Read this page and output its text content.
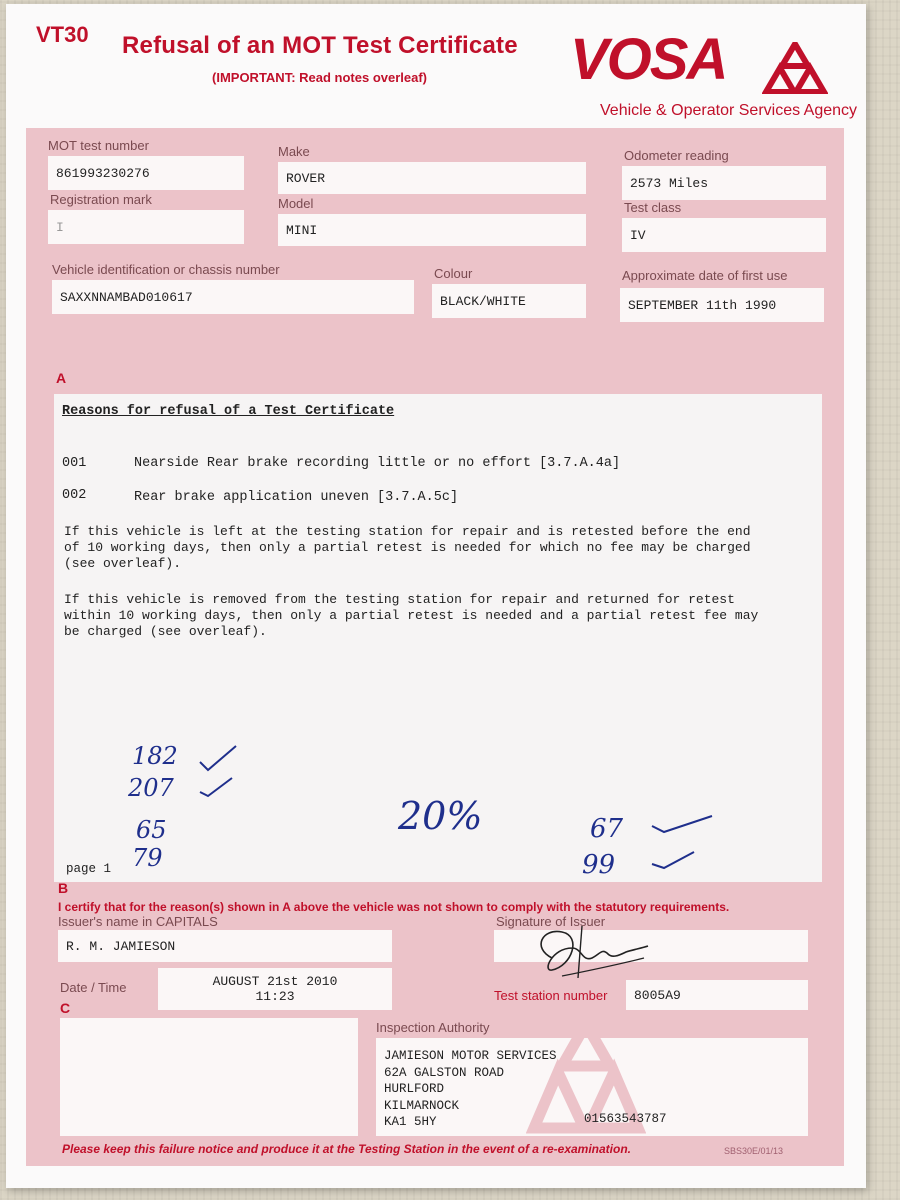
VT30 Refusal of an MOT Test Certificate
(IMPORTANT: Read notes overleaf) VOSA
Vehicle & Operator Services Agency
MOT test number
861993230276
Make
ROVER
Odometer reading
2573 Miles
Registration mark
I
Model
MINI
Test class
IV
Vehicle identification or chassis number
SAXXNNAMBAD010617
Colour
BLACK/WHITE
Approximate date of first use
SEPTEMBER 11th 1990
A
Reasons for refusal of a Test Certificate
001	Nearside Rear brake recording little or no effort [3.7.A.4a]
002	Rear brake application uneven [3.7.A.5c]
If this vehicle is left at the testing station for repair and is retested before the end
of 10 working days, then only a partial retest is needed for which no fee may be charged
(see overleaf).
If this vehicle is removed from the testing station for repair and returned for retest
within 10 working days, then only a partial retest is needed and a partial retest fee may
be charged (see overleaf).
182
207
65
79
20%	67
99
page 1
B
I certify that for the reason(s) shown in A above the vehicle was not shown to comply with the statutory requirements.
Issuer's name in CAPITALS
R. M. JAMIESON
Signature of Issuer
Date / Time	AUGUST 21st 2010
11:23	Test station number	8005A9
C
Inspection Authority
JAMIESON MOTOR SERVICES
62A GALSTON ROAD
HURLFORD
KILMARNOCK
KA1 5HY	01563543787
Please keep this failure notice and produce it at the Testing Station in the event of a re-examination.	SBS30E/01/13
